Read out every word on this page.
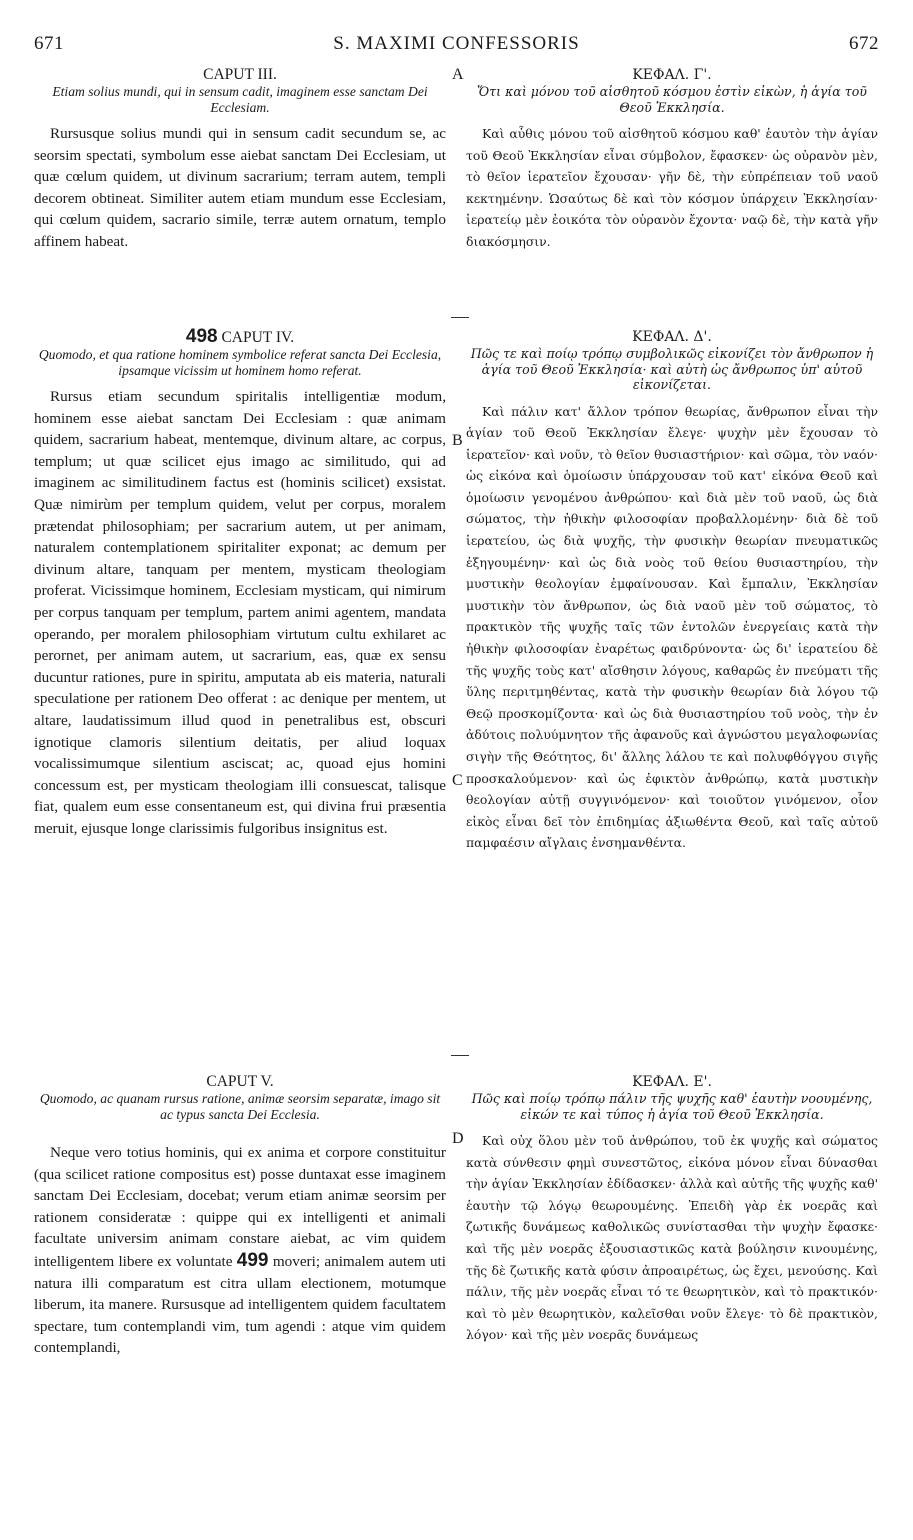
671	S. MAXIMI CONFESSORIS	672
A
B
C
D
CAPUT III.
Etiam solius mundi, qui in sensum cadit, imaginem esse sanctam Dei Ecclesiam.
Rursusque solius mundi qui in sensum cadit secundum se, ac seorsim spectati, symbolum esse aiebat sanctam Dei Ecclesiam, ut quæ cœlum quidem, ut divinum sacrarium; terram autem, templi decorem obtineat. Similiter autem etiam mundum esse Ecclesiam, qui cœlum quidem, sacrario simile, terræ autem ornatum, templo affinem habeat.
498 CAPUT IV.
Quomodo, et qua ratione hominem symbolice referat sancta Dei Ecclesia, ipsamque vicissim ut hominem homo referat.
Rursus etiam secundum spiritalis intelligentiæ modum, hominem esse aiebat sanctam Dei Ecclesiam : quæ animam quidem, sacrarium habeat, mentemque, divinum altare, ac corpus, templum; ut quæ scilicet ejus imago ac similitudo, qui ad imaginem ac similitudinem factus est (hominis scilicet) exsistat. Quæ nimirùm per templum quidem, velut per corpus, moralem prætendat philosophiam; per sacrarium autem, ut per animam, naturalem contemplationem spiritaliter exponat; ac demum per divinum altare, tanquam per mentem, mysticam theologiam proferat. Vicissimque hominem, Ecclesiam mysticam, qui nimirum per corpus tanquam per templum, partem animi agentem, mandata operando, per moralem philosophiam virtutum cultu exhilaret ac perornet, per animam autem, ut sacrarium, eas, quæ ex sensu ducuntur rationes, pure in spiritu, amputata ab eis materia, naturali speculatione per rationem Deo offerat : ac denique per mentem, ut altare, laudatissimum illud quod in penetralibus est, obscuri ignotique clamoris silentium deitatis, per aliud loquax vocalissimumque silentium asciscat; ac, quoad ejus homini concessum est, per mysticam theologiam illi consuescat, talisque fiat, qualem eum esse consentaneum est, qui divina frui præsentia meruit, ejusque longe clarissimis fulgoribus insignitus est.
CAPUT V.
Quomodo, ac quanam rursus ratione, animæ seorsim separatæ, imago sit ac typus sancta Dei Ecclesia.
Neque vero totius hominis, qui ex anima et corpore constituitur (qua scilicet ratione compositus est) posse duntaxat esse imaginem sanctam Dei Ecclesiam, docebat; verum etiam animæ seorsim per rationem consideratæ : quippe qui ex intelligenti et animali facultate universim animam constare aiebat, ac vim quidem intelligentem libere ex voluntate 499 moveri; animalem autem uti natura illi comparatum est citra ullam electionem, motumque liberum, ita manere. Rursusque ad intelligentem quidem facultatem spectare, tum contemplandi vim, tum agendi : atque vim quidem contemplandi,
ΚΕΦΑΛ. Γ'.
Ὅτι καὶ μόνου τοῦ αἰσθητοῦ κόσμου ἐστὶν εἰκὼν, ἡ ἁγία τοῦ Θεοῦ Ἐκκλησία.
Καὶ αὖθις μόνου τοῦ αἰσθητοῦ κόσμου καθ' ἑαυτὸν τὴν ἁγίαν τοῦ Θεοῦ Ἐκκλησίαν εἶναι σύμβολον, ἔφασκεν· ὡς οὐρανὸν μὲν, τὸ θεῖον ἱερατεῖον ἔχουσαν· γῆν δὲ, τὴν εὐπρέπειαν τοῦ ναοῦ κεκτημένην. Ὡσαύτως δὲ καὶ τὸν κόσμον ὑπάρχειν Ἐκκλησίαν· ἱερατείῳ μὲν ἐοικότα τὸν οὐρανὸν ἔχοντα· ναῷ δὲ, τὴν κατὰ γῆν διακόσμησιν.
ΚΕΦΑΛ. Δ'.
Πῶς τε καὶ ποίῳ τρόπῳ συμβολικῶς εἰκονίζει τὸν ἄνθρωπον ἡ ἁγία τοῦ Θεοῦ Ἐκκλησία· καὶ αὐτὴ ὡς ἄνθρωπος ὑπ' αὐτοῦ εἰκονίζεται.
Καὶ πάλιν κατ' ἄλλον τρόπον θεωρίας, ἄνθρωπον εἶναι τὴν ἁγίαν τοῦ Θεοῦ Ἐκκλησίαν ἔλεγε· ψυχὴν μὲν ἔχουσαν τὸ ἱερατεῖον· καὶ νοῦν, τὸ θεῖον θυσιαστήριον· καὶ σῶμα, τὸν ναόν· ὡς εἰκόνα καὶ ὁμοίωσιν ὑπάρχουσαν τοῦ κατ' εἰκόνα Θεοῦ καὶ ὁμοίωσιν γενομένου ἀνθρώπου· καὶ διὰ μὲν τοῦ ναοῦ, ὡς διὰ σώματος, τὴν ἠθικὴν φιλοσοφίαν προβαλλομένην· διὰ δὲ τοῦ ἱερατείου, ὡς διὰ ψυχῆς, τὴν φυσικὴν θεωρίαν πνευματικῶς ἐξηγουμένην· καὶ ὡς διὰ νοὸς τοῦ θείου θυσιαστηρίου, τὴν μυστικὴν θεολογίαν ἐμφαίνουσαν. Καὶ ἔμπαλιν, Ἐκκλησίαν μυστικὴν τὸν ἄνθρωπον, ὡς διὰ ναοῦ μὲν τοῦ σώματος, τὸ πρακτικὸν τῆς ψυχῆς ταῖς τῶν ἐντολῶν ἐνεργείαις κατὰ τὴν ἠθικὴν φιλοσοφίαν ἐναρέτως φαιδρύνοντα· ὡς δι' ἱερατείου δὲ τῆς ψυχῆς τοὺς κατ' αἴσθησιν λόγους, καθαρῶς ἐν πνεύματι τῆς ὕλης περιτμηθέντας, κατὰ τὴν φυσικὴν θεωρίαν διὰ λόγου τῷ Θεῷ προσκομίζοντα· καὶ ὡς διὰ θυσιαστηρίου τοῦ νοὸς, τὴν ἐν ἀδύτοις πολυύμνητον τῆς ἀφανοῦς καὶ ἀγνώστου μεγαλοφωνίας σιγὴν τῆς Θεότητος, δι' ἄλλης λάλου τε καὶ πολυφθόγγου σιγῆς προσκαλούμενον· καὶ ὡς ἐφικτὸν ἀνθρώπῳ, κατὰ μυστικὴν θεολογίαν αὐτῇ συγγινόμενον· καὶ τοιοῦτον γινόμενον, οἷον εἰκὸς εἶναι δεῖ τὸν ἐπιδημίας ἀξιωθέντα Θεοῦ, καὶ ταῖς αὐτοῦ παμφαέσιν αἴγλαις ἐνσημανθέντα.
ΚΕΦΑΛ. Ε'.
Πῶς καὶ ποίῳ τρόπῳ πάλιν τῆς ψυχῆς καθ' ἑαυτὴν νοουμένης, εἰκών τε καὶ τύπος ἡ ἁγία τοῦ Θεοῦ Ἐκκλησία.
Καὶ οὐχ ὅλου μὲν τοῦ ἀνθρώπου, τοῦ ἐκ ψυχῆς καὶ σώματος κατὰ σύνθεσιν φημὶ συνεστῶτος, εἰκόνα μόνον εἶναι δύνασθαι τὴν ἁγίαν Ἐκκλησίαν ἐδίδασκεν· ἀλλὰ καὶ αὐτῆς τῆς ψυχῆς καθ' ἑαυτὴν τῷ λόγῳ θεωρουμένης. Ἐπειδὴ γὰρ ἐκ νοερᾶς καὶ ζωτικῆς δυνάμεως καθολικῶς συνίστασθαι τὴν ψυχὴν ἔφασκε· καὶ τῆς μὲν νοερᾶς ἐξουσιαστικῶς κατὰ βούλησιν κινουμένης, τῆς δὲ ζωτικῆς κατὰ φύσιν ἀπροαιρέτως, ὡς ἔχει, μενούσης. Καὶ πάλιν, τῆς μὲν νοερᾶς εἶναι τό τε θεωρητικὸν, καὶ τὸ πρακτικόν· καὶ τὸ μὲν θεωρητικὸν, καλεῖσθαι νοῦν ἔλεγε· τὸ δὲ πρακτικὸν, λόγον· καὶ τῆς μὲν νοερᾶς δυνάμεως
